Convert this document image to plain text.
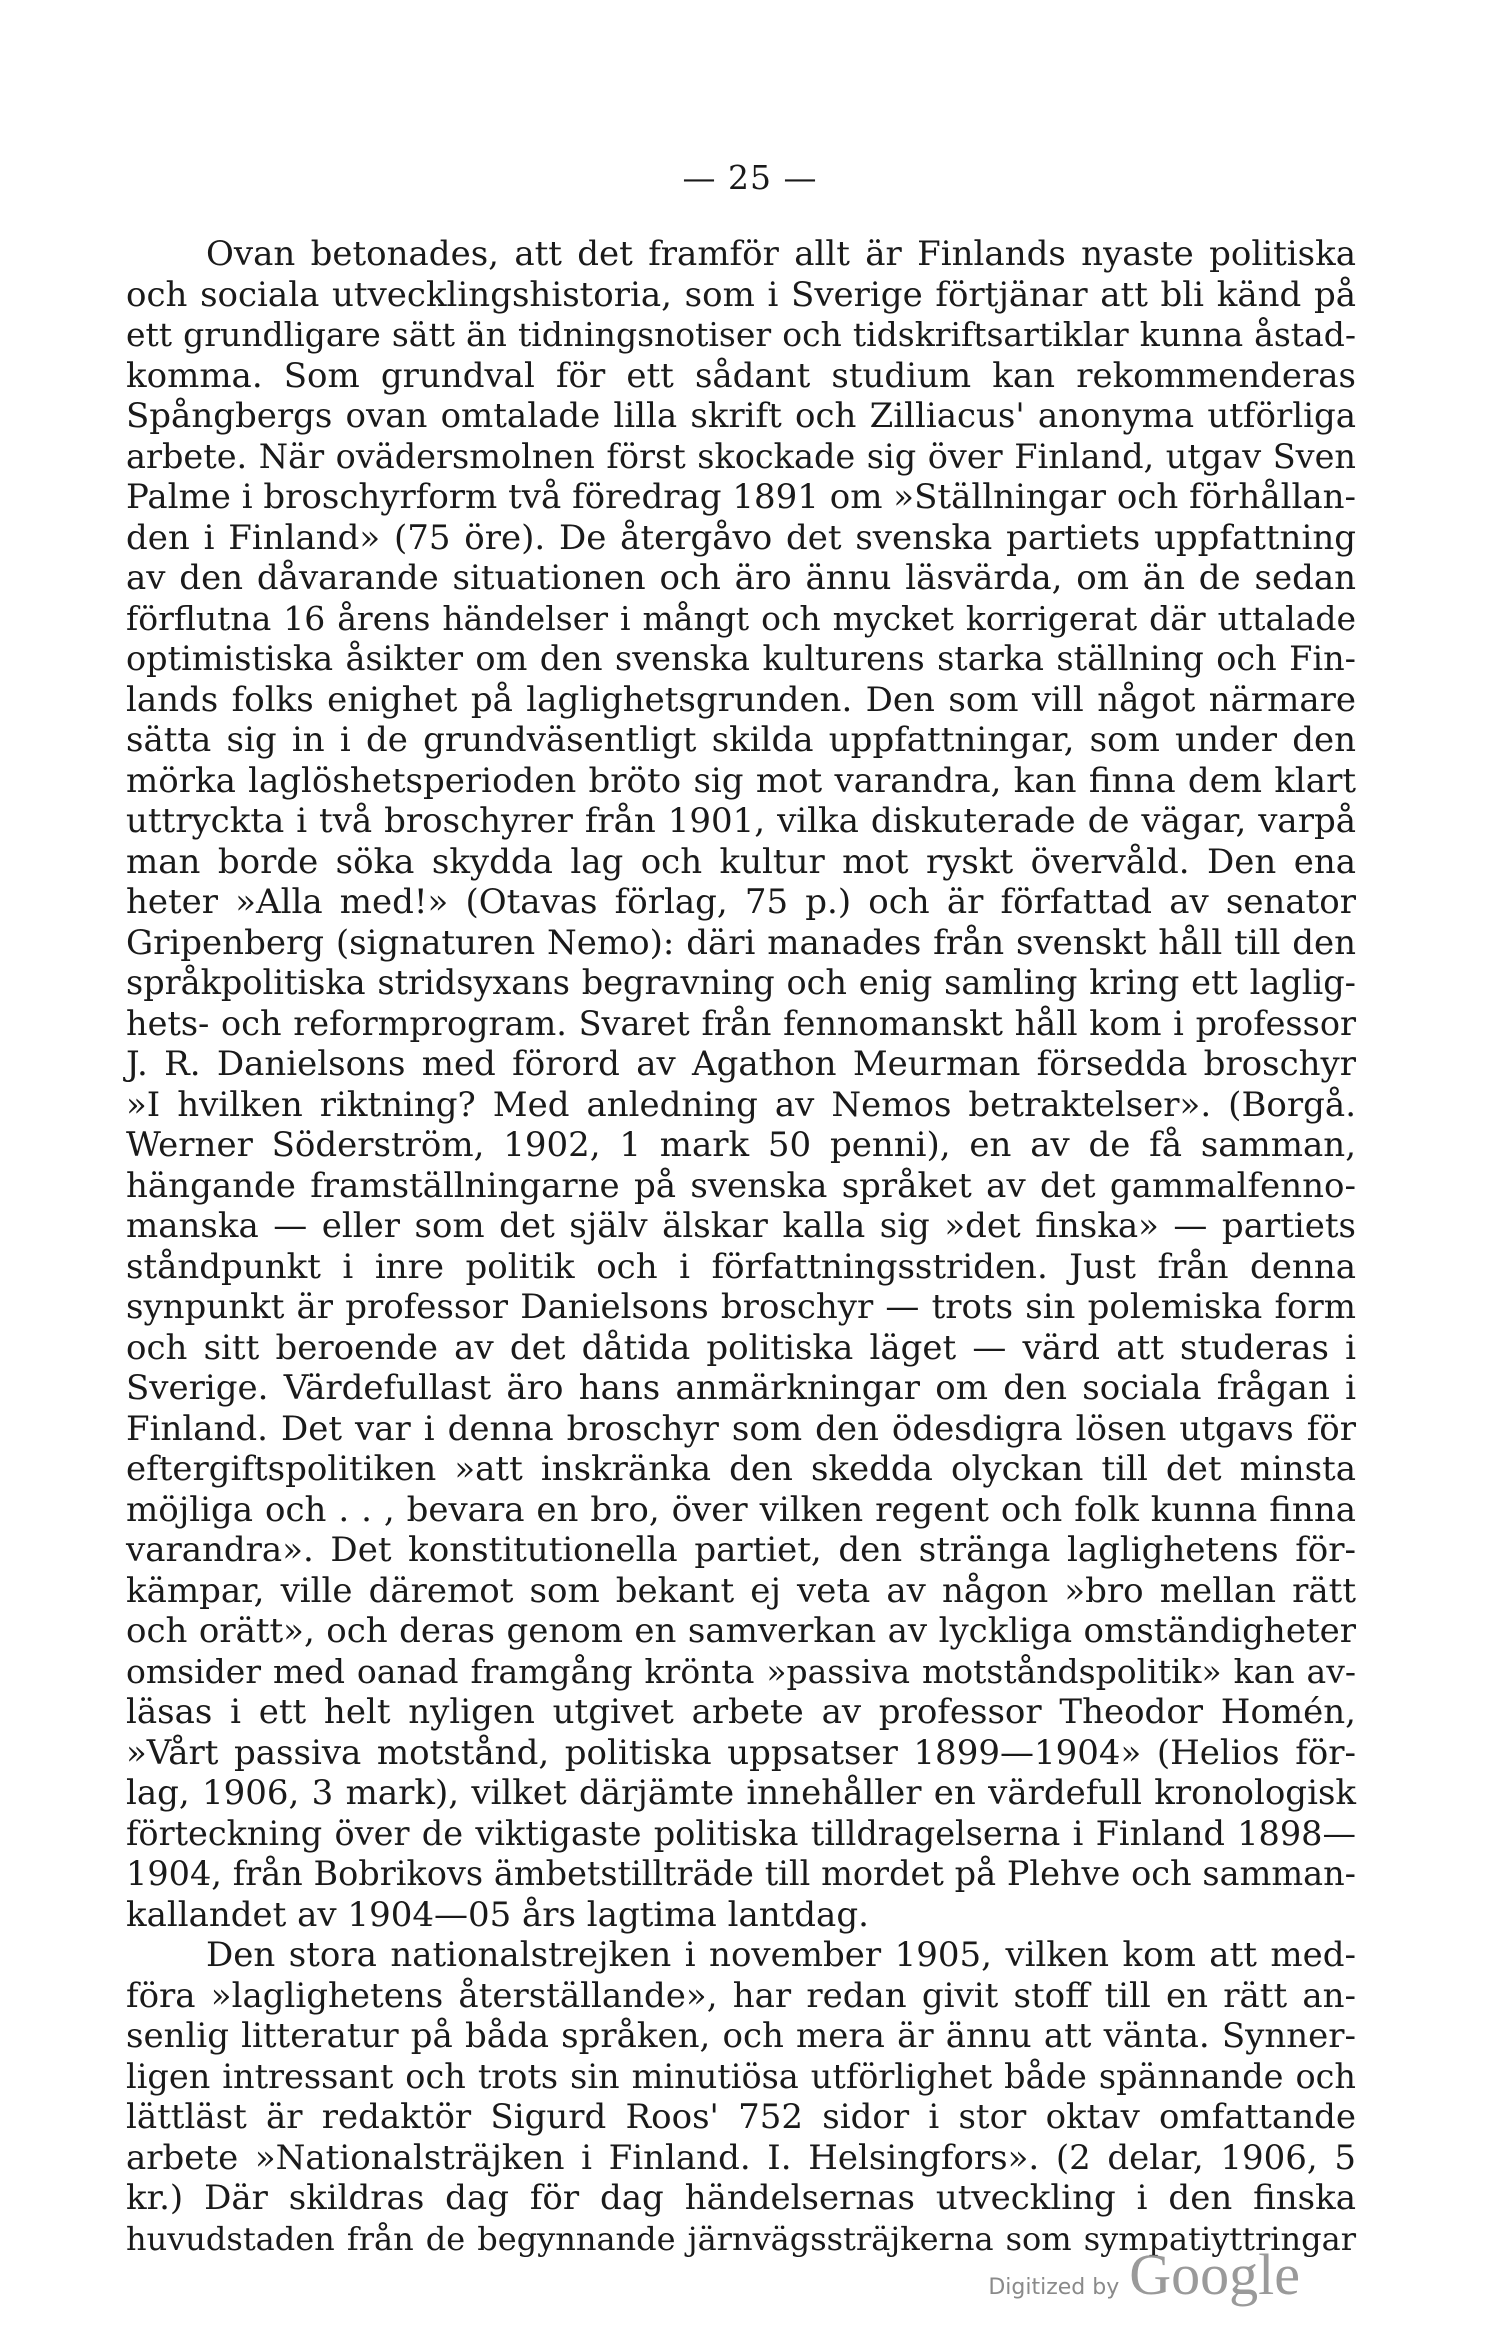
— 25 —
Ovan betonades, att det framför allt är Finlands nyaste politiska
och sociala utvecklingshistoria, som i Sverige förtjänar att bli känd på
ett grundligare sätt än tidningsnotiser och tidskriftsartiklar kunna åstad-
komma. Som grundval för ett sådant studium kan rekommenderas
Spångbergs ovan omtalade lilla skrift och Zilliacus' anonyma utförliga
arbete. När ovädersmolnen först skockade sig över Finland, utgav Sven
Palme i broschyrform två föredrag 1891 om »Ställningar och förhållan-
den i Finland» (75 öre). De återgåvo det svenska partiets uppfattning
av den dåvarande situationen och äro ännu läsvärda, om än de sedan
förflutna 16 årens händelser i mångt och mycket korrigerat där uttalade
optimistiska åsikter om den svenska kulturens starka ställning och Fin-
lands folks enighet på laglighetsgrunden. Den som vill något närmare
sätta sig in i de grundväsentligt skilda uppfattningar, som under den
mörka laglöshetsperioden bröto sig mot varandra, kan finna dem klart
uttryckta i två broschyrer från 1901, vilka diskuterade de vägar, varpå
man borde söka skydda lag och kultur mot ryskt övervåld. Den ena
heter »Alla med!» (Otavas förlag, 75 p.) och är författad av senator
Gripenberg (signaturen Nemo): däri manades från svenskt håll till den
språkpolitiska stridsyxans begravning och enig samling kring ett laglig-
hets- och reformprogram. Svaret från fennomanskt håll kom i professor
J. R. Danielsons med förord av Agathon Meurman försedda broschyr
»I hvilken riktning? Med anledning av Nemos betraktelser». (Borgå.
Werner Söderström, 1902, 1 mark 50 penni), en av de få samman,
hängande framställningarne på svenska språket av det gammalfenno-
manska — eller som det själv älskar kalla sig »det finska» — partiets
ståndpunkt i inre politik och i författningsstriden. Just från denna
synpunkt är professor Danielsons broschyr — trots sin polemiska form
och sitt beroende av det dåtida politiska läget — värd att studeras i
Sverige. Värdefullast äro hans anmärkningar om den sociala frågan i
Finland. Det var i denna broschyr som den ödesdigra lösen utgavs för
eftergiftspolitiken »att inskränka den skedda olyckan till det minsta
möjliga och . . , bevara en bro, över vilken regent och folk kunna finna
varandra». Det konstitutionella partiet, den stränga laglighetens för-
kämpar, ville däremot som bekant ej veta av någon »bro mellan rätt
och orätt», och deras genom en samverkan av lyckliga omständigheter
omsider med oanad framgång krönta »passiva motståndspolitik» kan av-
läsas i ett helt nyligen utgivet arbete av professor Theodor Homén,
»Vårt passiva motstånd, politiska uppsatser 1899—1904» (Helios för-
lag, 1906, 3 mark), vilket därjämte innehåller en värdefull kronologisk
förteckning över de viktigaste politiska tilldragelserna i Finland 1898—
1904, från Bobrikovs ämbetstillträde till mordet på Plehve och samman-
kallandet av 1904—05 års lagtima lantdag.
Den stora nationalstrejken i november 1905, vilken kom att med-
föra »laglighetens återställande», har redan givit stoff till en rätt an-
senlig litteratur på båda språken, och mera är ännu att vänta. Synner-
ligen intressant och trots sin minutiösa utförlighet både spännande och
lättläst är redaktör Sigurd Roos' 752 sidor i stor oktav omfattande
arbete »Nationalsträjken i Finland. I. Helsingfors». (2 delar, 1906, 5
kr.) Där skildras dag för dag händelsernas utveckling i den finska
huvudstaden från de begynnande järnvägssträjkerna som sympatiyttringar
Digitized by Google
